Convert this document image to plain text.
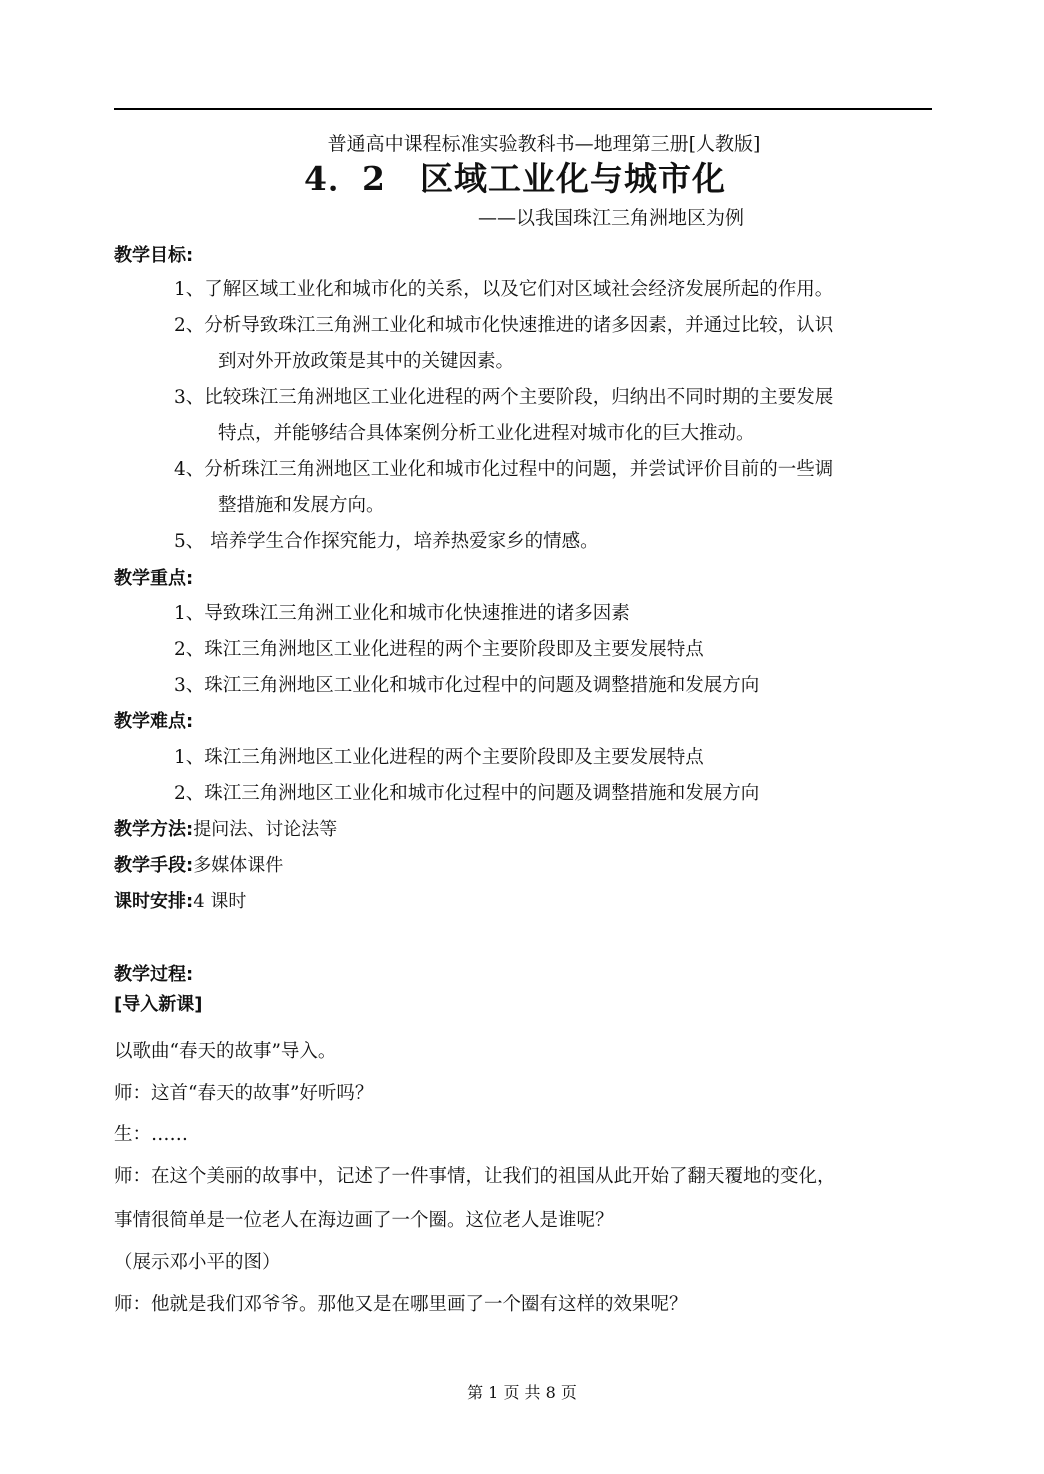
普通高中课程标准实验教科书—地理第三册[人教版]
4．2　区域工业化与城市化
——以我国珠江三角洲地区为例
教学目标:
1、了解区域工业化和城市化的关系，以及它们对区域社会经济发展所起的作用。
2、分析导致珠江三角洲工业化和城市化快速推进的诸多因素，并通过比较，认识
到对外开放政策是其中的关键因素。
3、比较珠江三角洲地区工业化进程的两个主要阶段，归纳出不同时期的主要发展
特点，并能够结合具体案例分析工业化进程对城市化的巨大推动。
4、分析珠江三角洲地区工业化和城市化过程中的问题，并尝试评价目前的一些调
整措施和发展方向。
5、 培养学生合作探究能力，培养热爱家乡的情感。
教学重点:
1、导致珠江三角洲工业化和城市化快速推进的诸多因素
2、珠江三角洲地区工业化进程的两个主要阶段即及主要发展特点
3、珠江三角洲地区工业化和城市化过程中的问题及调整措施和发展方向
教学难点:
1、珠江三角洲地区工业化进程的两个主要阶段即及主要发展特点
2、珠江三角洲地区工业化和城市化过程中的问题及调整措施和发展方向
教学方法:提问法、讨论法等
教学手段:多媒体课件
课时安排:4 课时
教学过程:
[导入新课]
以歌曲“春天的故事”导入。
师：这首“春天的故事”好听吗？
生：……
师：在这个美丽的故事中，记述了一件事情，让我们的祖国从此开始了翻天覆地的变化，
事情很简单是一位老人在海边画了一个圈。这位老人是谁呢？
（展示邓小平的图）
师：他就是我们邓爷爷。那他又是在哪里画了一个圈有这样的效果呢？
第 1 页 共 8 页
